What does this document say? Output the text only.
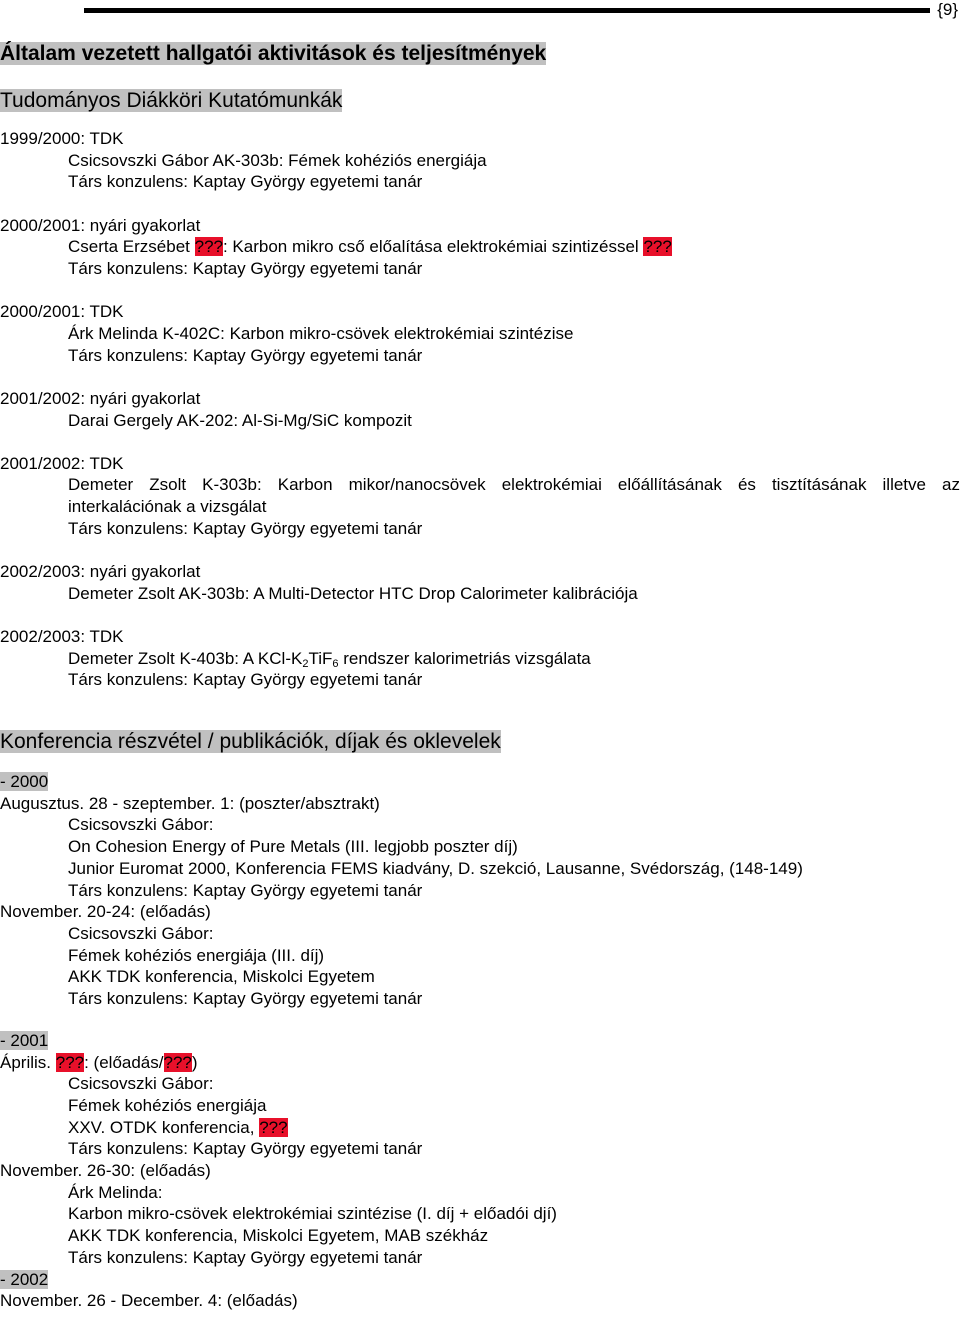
{9}
Általam vezetett hallgatói aktivitások és teljesítmények
Tudományos Diákköri Kutatómunkák
1999/2000: TDK
Csicsovszki Gábor AK-303b: Fémek kohéziós energiája
Társ konzulens: Kaptay György egyetemi tanár
2000/2001: nyári gyakorlat
Cserta Erzsébet ???: Karbon mikro cső előalítása elektrokémiai szintizéssel ???
Társ konzulens: Kaptay György egyetemi tanár
2000/2001: TDK
Árk Melinda K-402C: Karbon mikro-csövek elektrokémiai szintézise
Társ konzulens: Kaptay György egyetemi tanár
2001/2002: nyári gyakorlat
Darai Gergely AK-202: Al-Si-Mg/SiC kompozit
2001/2002: TDK
Demeter Zsolt K-303b: Karbon mikor/nanocsövek elektrokémiai előállításának és tisztításának illetve az interkalációnak a vizsgálat
Társ konzulens: Kaptay György egyetemi tanár
2002/2003: nyári gyakorlat
Demeter Zsolt AK-303b: A Multi-Detector HTC Drop Calorimeter kalibrációja
2002/2003: TDK
Demeter Zsolt K-403b: A KCl-$K_2TiF_6$ rendszer kalorimetriás vizsgálata
Társ konzulens: Kaptay György egyetemi tanár
Konferencia részvétel / publikációk, díjak és oklevelek
- 2000
Augusztus. 28 - szeptember. 1: (poszter/absztrakt)
Csicsovszki Gábor:
On Cohesion Energy of Pure Metals (III. legjobb poszter díj)
Junior Euromat 2000, Konferencia FEMS kiadvány, D. szekció, Lausanne, Svédország, (148-149)
Társ konzulens: Kaptay György egyetemi tanár
November. 20-24: (előadás)
Csicsovszki Gábor:
Fémek kohéziós energiája (III. díj)
AKK TDK konferencia, Miskolci Egyetem
Társ konzulens: Kaptay György egyetemi tanár
- 2001
Április. ???: (előadás/???)
Csicsovszki Gábor:
Fémek kohéziós energiája
XXV. OTDK konferencia, ???
Társ konzulens: Kaptay György egyetemi tanár
November. 26-30: (előadás)
Árk Melinda:
Karbon mikro-csövek elektrokémiai szintézise (I. díj + előadói djí)
AKK TDK konferencia, Miskolci Egyetem, MAB székház
Társ konzulens: Kaptay György egyetemi tanár
- 2002
November. 26 - December. 4: (előadás)
